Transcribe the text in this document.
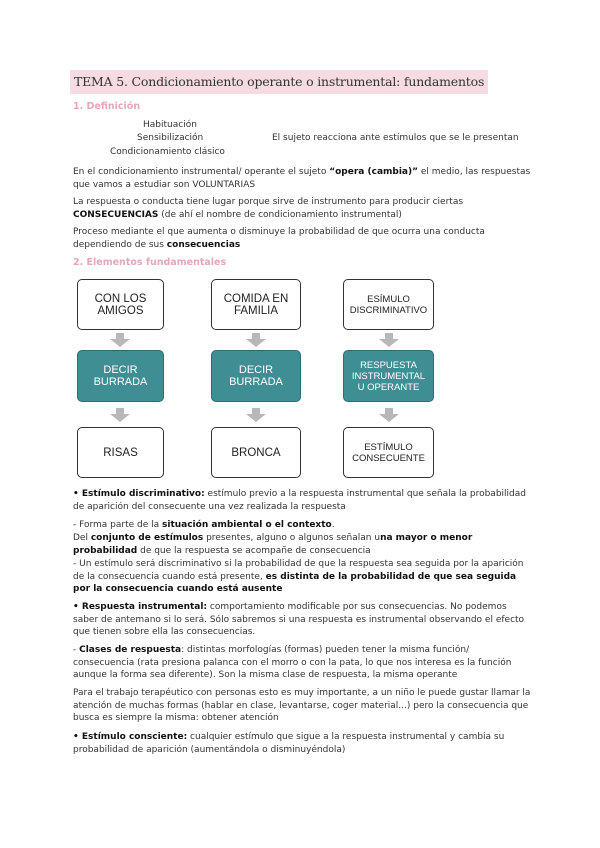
TEMA 5. Condicionamiento operante o instrumental: fundamentos
1. Definición
Habituación
Sensibilización
Condicionamiento clásico
El sujeto reacciona ante estímulos que se le presentan
En el condicionamiento instrumental/ operante el sujeto “opera (cambia)” el medio, las respuestas que vamos a estudiar son VOLUNTARIAS
La respuesta o conducta tiene lugar porque sirve de instrumento para producir ciertas CONSECUENCIAS (de ahí el nombre de condicionamiento instrumental)
Proceso mediante el que aumenta o disminuye la probabilidad de que ocurra una conducta dependiendo de sus consecuencias
2. Elementos fundamentales
CON LOS
AMIGOS
DECIR
BURRADA
RISAS
COMIDA EN
FAMILIA
DECIR
BURRADA
BRONCA
ESÍMULO
DISCRIMINATIVO
RESPUESTA
INSTRUMENTAL
U OPERANTE
ESTÍMULO
CONSECUENTE
• Estímulo discriminativo: estímulo previo a la respuesta instrumental que señala la probabilidad de aparición del consecuente una vez realizada la respuesta
- Forma parte de la situación ambiental o el contexto.
Del conjunto de estímulos presentes, alguno o algunos señalan una mayor o menor probabilidad de que la respuesta se acompañe de consecuencia
- Un estímulo será discriminativo si la probabilidad de que la respuesta sea seguida por la aparición de la consecuencia cuando está presente, es distinta de la probabilidad de que sea seguida por la consecuencia cuando está ausente
• Respuesta instrumental: comportamiento modificable por sus consecuencias. No podemos saber de antemano si lo será. Sólo sabremos si una respuesta es instrumental observando el efecto que tienen sobre ella las consecuencias.
- Clases de respuesta: distintas morfologías (formas) pueden tener la misma función/ consecuencia (rata presiona palanca con el morro o con la pata, lo que nos interesa es la función aunque la forma sea diferente). Son la misma clase de respuesta, la misma operante
Para el trabajo terapéutico con personas esto es muy importante, a un niño le puede gustar llamar la atención de muchas formas (hablar en clase, levantarse, coger material...) pero la consecuencia que busca es siempre la misma: obtener atención
• Estímulo consciente: cualquier estímulo que sigue a la respuesta instrumental y cambia su probabilidad de aparición (aumentándola o disminuyéndola)
